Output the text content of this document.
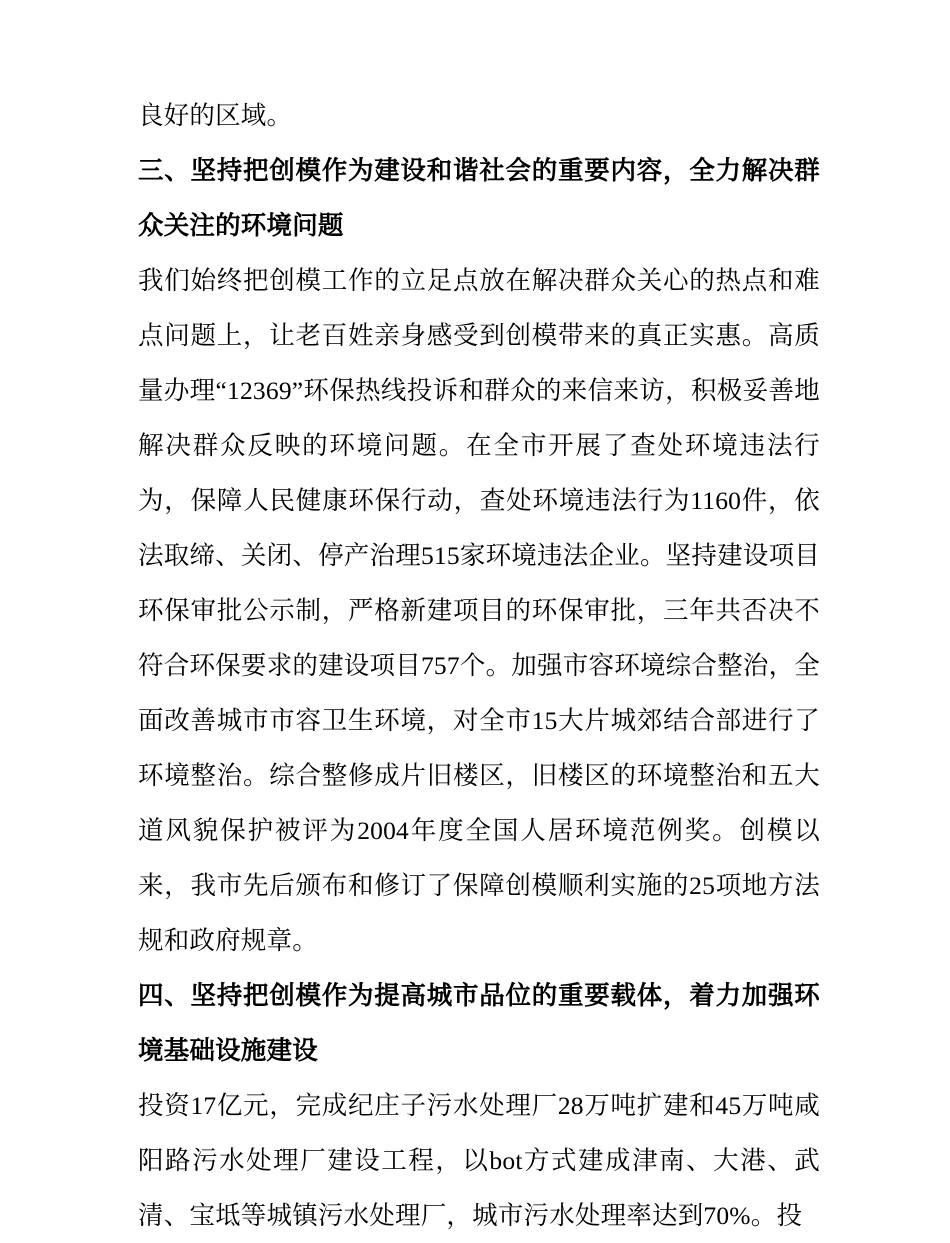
良好的区域。

三、坚持把创模作为建设和谐社会的重要内容，全力解决群众关注的环境问题

我们始终把创模工作的立足点放在解决群众关心的热点和难点问题上，让老百姓亲身感受到创模带来的真正实惠。高质量办理“12369”环保热线投诉和群众的来信来访，积极妥善地解决群众反映的环境问题。在全市开展了查处环境违法行为，保障人民健康环保行动，查处环境违法行为1160件，依法取缔、关闭、停产治理515家环境违法企业。坚持建设项目环保审批公示制，严格新建项目的环保审批，三年共否决不符合环保要求的建设项目757个。加强市容环境综合整治，全面改善城市市容卫生环境，对全市15大片城郊结合部进行了环境整治。综合整修成片旧楼区，旧楼区的环境整治和五大道风貌保护被评为2004年度全国人居环境范例奖。创模以来，我市先后颁布和修订了保障创模顺利实施的25项地方法规和政府规章。

四、坚持把创模作为提高城市品位的重要载体，着力加强环境基础设施建设

投资17亿元，完成纪庄子污水处理厂28万吨扩建和45万吨咸阳路污水处理厂建设工程，以bot方式建成津南、大港、武清、宝坻等城镇污水处理厂，城市污水处理率达到70%。投
